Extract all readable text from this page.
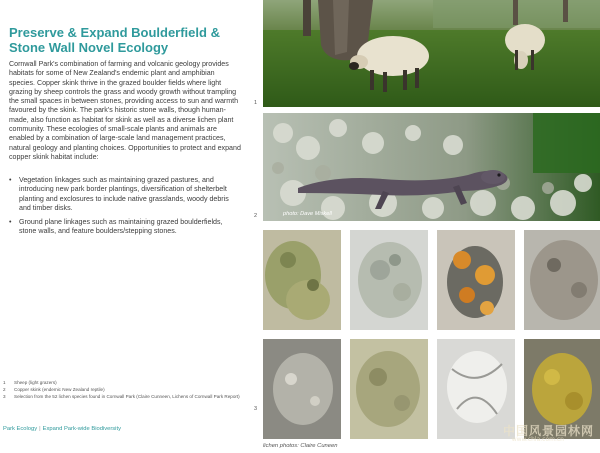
Preserve & Expand Boulderfield & Stone Wall Novel Ecology

Cornwall Park's combination of farming and volcanic geology provides habitats for some of New Zealand's endemic plant and amphibian species. Copper skink thrive in the grazed boulder fields where light grazing by sheep controls the grass and woody growth without trampling the small spaces in between stones, providing access to sun and warmth favoured by the skink. The park's historic stone walls, though human-made, also function as habitat for skink as well as a diverse lichen plant community. These ecologies of small-scale plants and animals are enabled by a combination of large-scale land management practices, natural geology and planting choices. Opportunities to protect and expand copper skink habitat include:

• Vegetation linkages such as maintaining grazed pastures, and introducing new park border plantings, diversification of shelterbelt planting and exclosures to include native grasslands, woody debris and timber disks.
• Ground plane linkages such as maintaining grazed boulderfields, stone walls, and feature boulders/stepping stones.
1	Sheep (light grazers)
2	Copper skink (endemic New Zealand reptile)
3	Selection from the 52 lichen species found in Cornwall Park (Claire Cunneen, Lichens of Cornwall Park Report)
Park Ecology | Expand Park-wide Biodiversity
1
2
3
photo: Dave Miskell
lichen photos: Claire Cuneen
中国风景园林网
www.chla.com.cn
